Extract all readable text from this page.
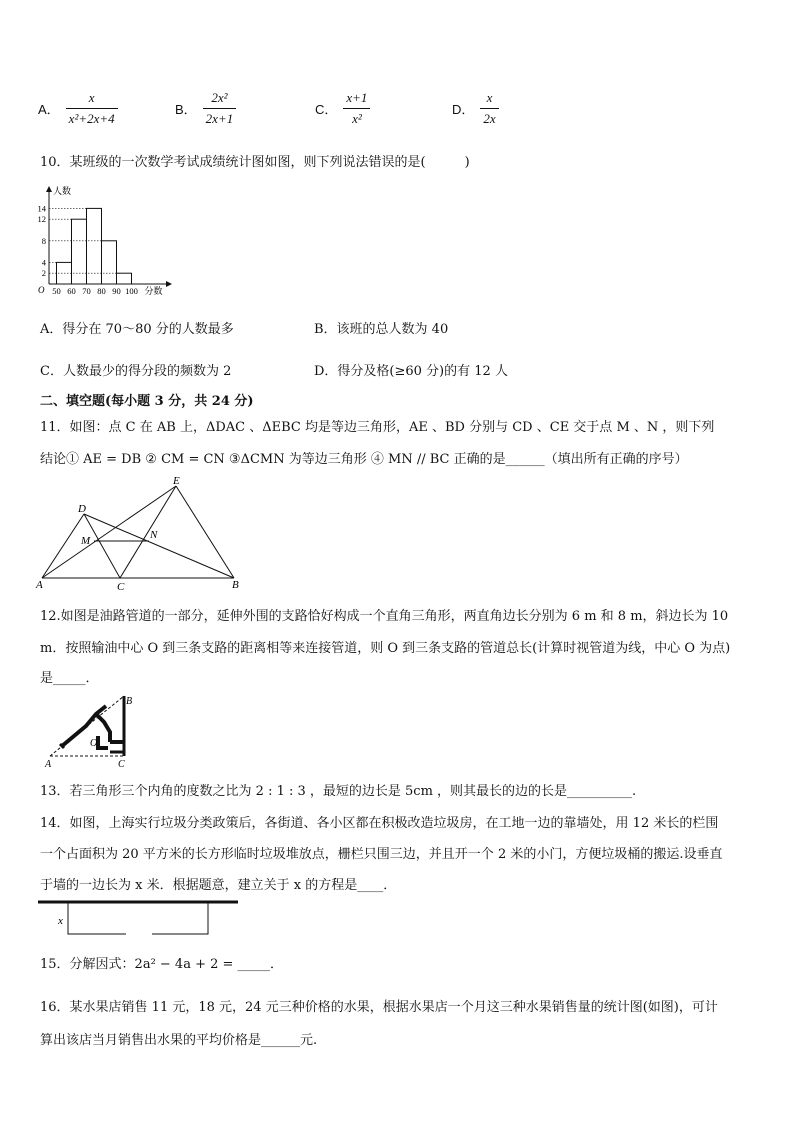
A． $\frac{x}{\text{x²+2x+4}}$	B． $\frac{\text{2x²}}{2x+1}$	C． $\frac{x+1}{\text{x²}}$	D． $\frac{x}{2x}$
10．某班级的一次数学考试成绩统计图如图，则下列说法错误的是(　　　)
2
4
8
12
14
50 60 70 80 90 100 分数
人数
O
A．得分在 70～80 分的人数最多	B．该班的总人数为 40
C．人数最少的得分段的频数为 2	D．得分及格(≥60 分)的有 12 人
二、填空题(每小题 3 分，共 24 分)
11．如图：点 C 在 AB 上，ΔDAC 、ΔEBC 均是等边三角形，AE 、BD 分别与 CD 、CE 交于点 M 、N ，则下列
结论① AE = DB ② CM = CN ③ΔCMN 为等边三角形 ④ MN // BC 正确的是______（填出所有正确的序号）
A	B
C
D
E
M	N
12.如图是油路管道的一部分，延伸外围的支路恰好构成一个直角三角形，两直角边长分别为 6 m 和 8 m，斜边长为 10
m．按照输油中心 O 到三条支路的距离相等来连接管道，则 O 到三条支路的管道总长(计算时视管道为线，中心 O 为点)
是_____．
B
A	C
O
13．若三角形三个内角的度数之比为 2 : 1 : 3 ，最短的边长是 5cm ，则其最长的边的长是__________.
14．如图，上海实行垃圾分类政策后，各街道、各小区都在积极改造垃圾房，在工地一边的靠墙处，用 12 米长的栏围
一个占面积为 20 平方米的长方形临时垃圾堆放点，栅栏只围三边，并且开一个 2 米的小门，方便垃圾桶的搬运.设垂直
于墙的一边长为 x 米．根据题意，建立关于 x 的方程是____．
x
15．分解因式：2a² − 4a + 2 = _____．
16．某水果店销售 11 元，18 元，24 元三种价格的水果，根据水果店一个月这三种水果销售量的统计图(如图)，可计
算出该店当月销售出水果的平均价格是______元.
